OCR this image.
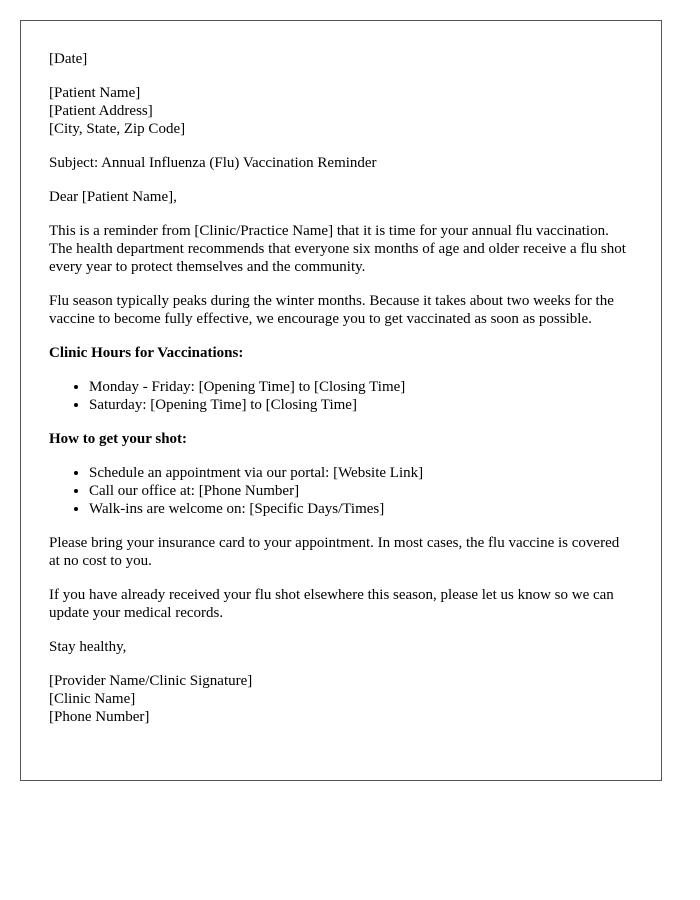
[Date]

[Patient Name]
[Patient Address]
[City, State, Zip Code]

Subject: Annual Influenza (Flu) Vaccination Reminder

Dear [Patient Name],

This is a reminder from [Clinic/Practice Name] that it is time for your annual flu vaccination. The health department recommends that everyone six months of age and older receive a flu shot every year to protect themselves and the community.

Flu season typically peaks during the winter months. Because it takes about two weeks for the vaccine to become fully effective, we encourage you to get vaccinated as soon as possible.

Clinic Hours for Vaccinations:

• Monday - Friday: [Opening Time] to [Closing Time]
• Saturday: [Opening Time] to [Closing Time]

How to get your shot:

• Schedule an appointment via our portal: [Website Link]
• Call our office at: [Phone Number]
• Walk-ins are welcome on: [Specific Days/Times]

Please bring your insurance card to your appointment. In most cases, the flu vaccine is covered at no cost to you.

If you have already received your flu shot elsewhere this season, please let us know so we can update your medical records.

Stay healthy,

[Provider Name/Clinic Signature]
[Clinic Name]
[Phone Number]
